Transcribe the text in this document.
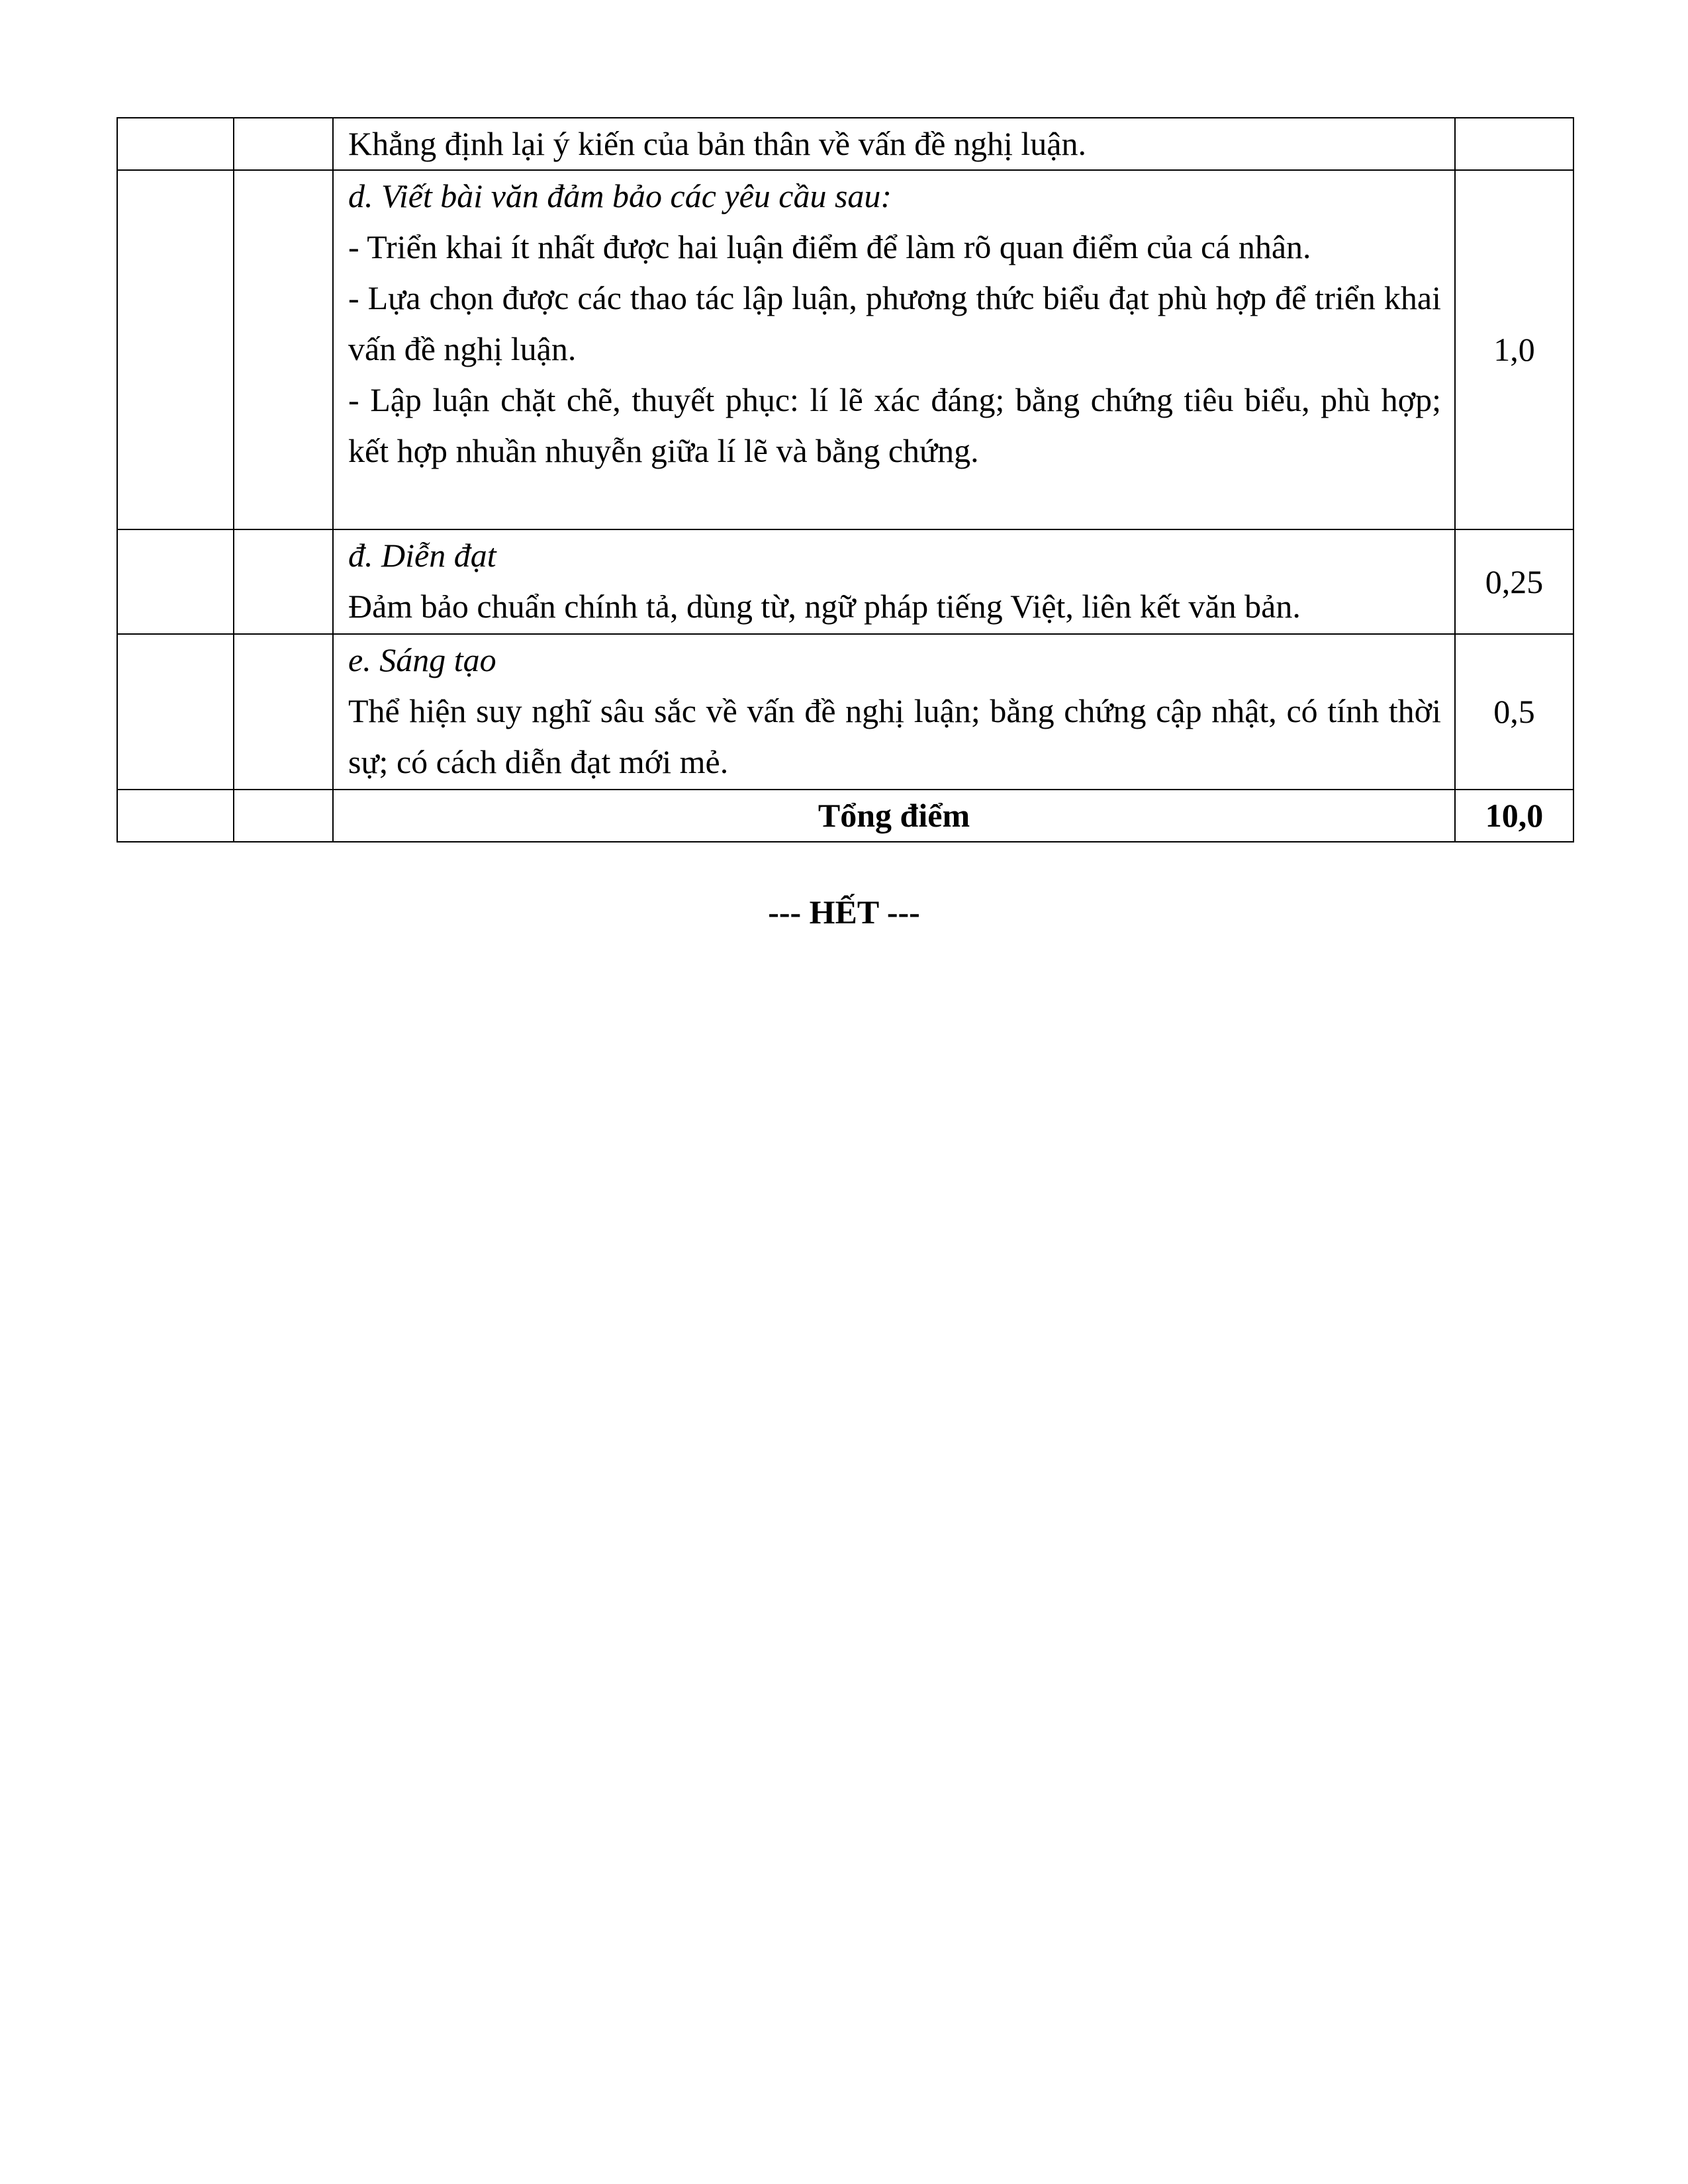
		Khẳng định lại ý kiến của bản thân về vấn đề nghị luận.	

		d. Viết bài văn đảm bảo các yêu cầu sau:
- Triển khai ít nhất được hai luận điểm để làm rõ quan điểm của cá nhân.
- Lựa chọn được các thao tác lập luận, phương thức biểu đạt phù hợp để triển khai vấn đề nghị luận.
- Lập luận chặt chẽ, thuyết phục: lí lẽ xác đáng; bằng chứng tiêu biểu, phù hợp; kết hợp nhuần nhuyễn giữa lí lẽ và bằng chứng.	1,0

		đ. Diễn đạt
Đảm bảo chuẩn chính tả, dùng từ, ngữ pháp tiếng Việt, liên kết văn bản.	0,25

		e. Sáng tạo
Thể hiện suy nghĩ sâu sắc về vấn đề nghị luận; bằng chứng cập nhật, có tính thời sự; có cách diễn đạt mới mẻ.	0,5
		Tổng điểm	10,0
--- HẾT ---
